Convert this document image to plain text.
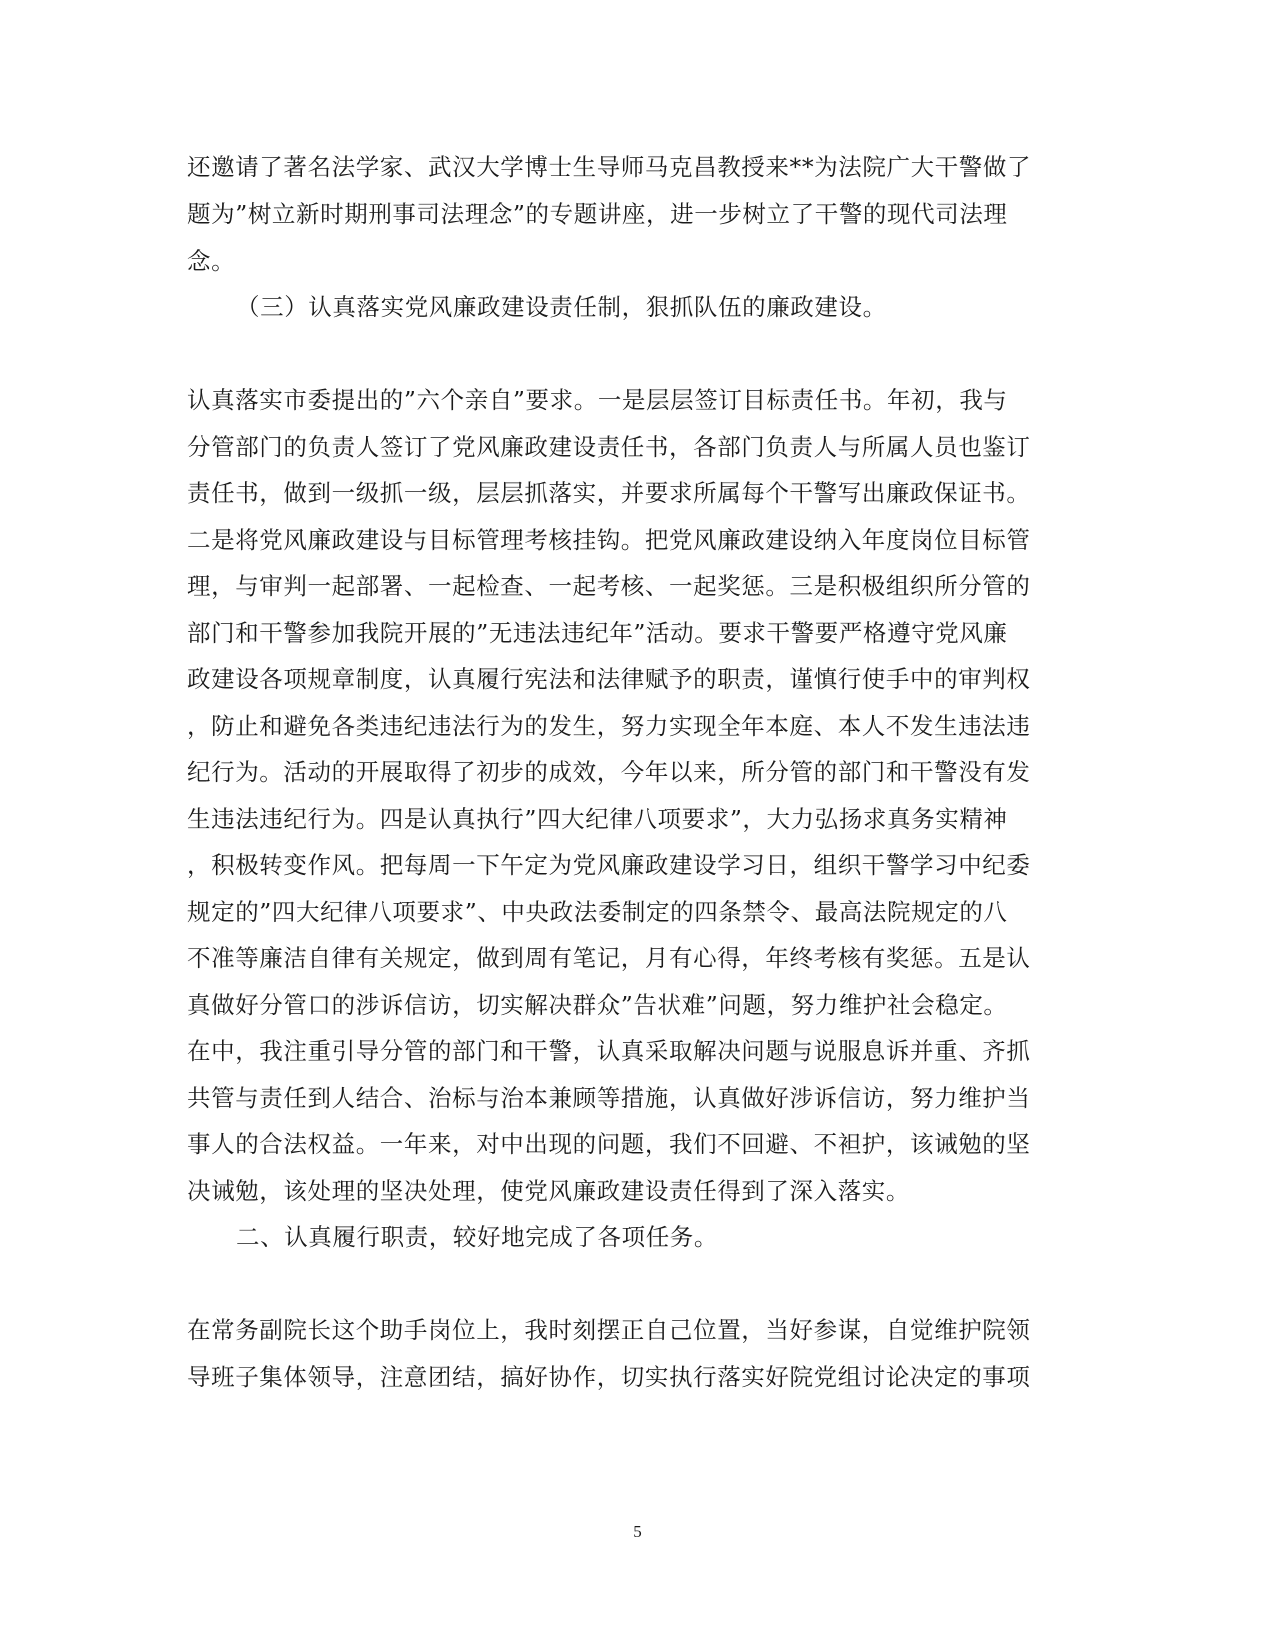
还邀请了著名法学家、武汉大学博士生导师马克昌教授来**为法院广大干警做了
题为”树立新时期刑事司法理念”的专题讲座，进一步树立了干警的现代司法理
念。
（三）认真落实党风廉政建设责任制，狠抓队伍的廉政建设。
认真落实市委提出的”六个亲自”要求。一是层层签订目标责任书。年初，我与
分管部门的负责人签订了党风廉政建设责任书，各部门负责人与所属人员也鉴订
责任书，做到一级抓一级，层层抓落实，并要求所属每个干警写出廉政保证书。
二是将党风廉政建设与目标管理考核挂钩。把党风廉政建设纳入年度岗位目标管
理，与审判一起部署、一起检查、一起考核、一起奖惩。三是积极组织所分管的
部门和干警参加我院开展的”无违法违纪年”活动。要求干警要严格遵守党风廉
政建设各项规章制度，认真履行宪法和法律赋予的职责，谨慎行使手中的审判权
，防止和避免各类违纪违法行为的发生，努力实现全年本庭、本人不发生违法违
纪行为。活动的开展取得了初步的成效，今年以来，所分管的部门和干警没有发
生违法违纪行为。四是认真执行”四大纪律八项要求”，大力弘扬求真务实精神
，积极转变作风。把每周一下午定为党风廉政建设学习日，组织干警学习中纪委
规定的”四大纪律八项要求”、中央政法委制定的四条禁令、最高法院规定的八
不准等廉洁自律有关规定，做到周有笔记，月有心得，年终考核有奖惩。五是认
真做好分管口的涉诉信访，切实解决群众”告状难”问题，努力维护社会稳定。
在中，我注重引导分管的部门和干警，认真采取解决问题与说服息诉并重、齐抓
共管与责任到人结合、治标与治本兼顾等措施，认真做好涉诉信访，努力维护当
事人的合法权益。一年来，对中出现的问题，我们不回避、不袒护，该诫勉的坚
决诫勉，该处理的坚决处理，使党风廉政建设责任得到了深入落实。
二、认真履行职责，较好地完成了各项任务。
在常务副院长这个助手岗位上，我时刻摆正自己位置，当好参谋，自觉维护院领
导班子集体领导，注意团结，搞好协作，切实执行落实好院党组讨论决定的事项
5
